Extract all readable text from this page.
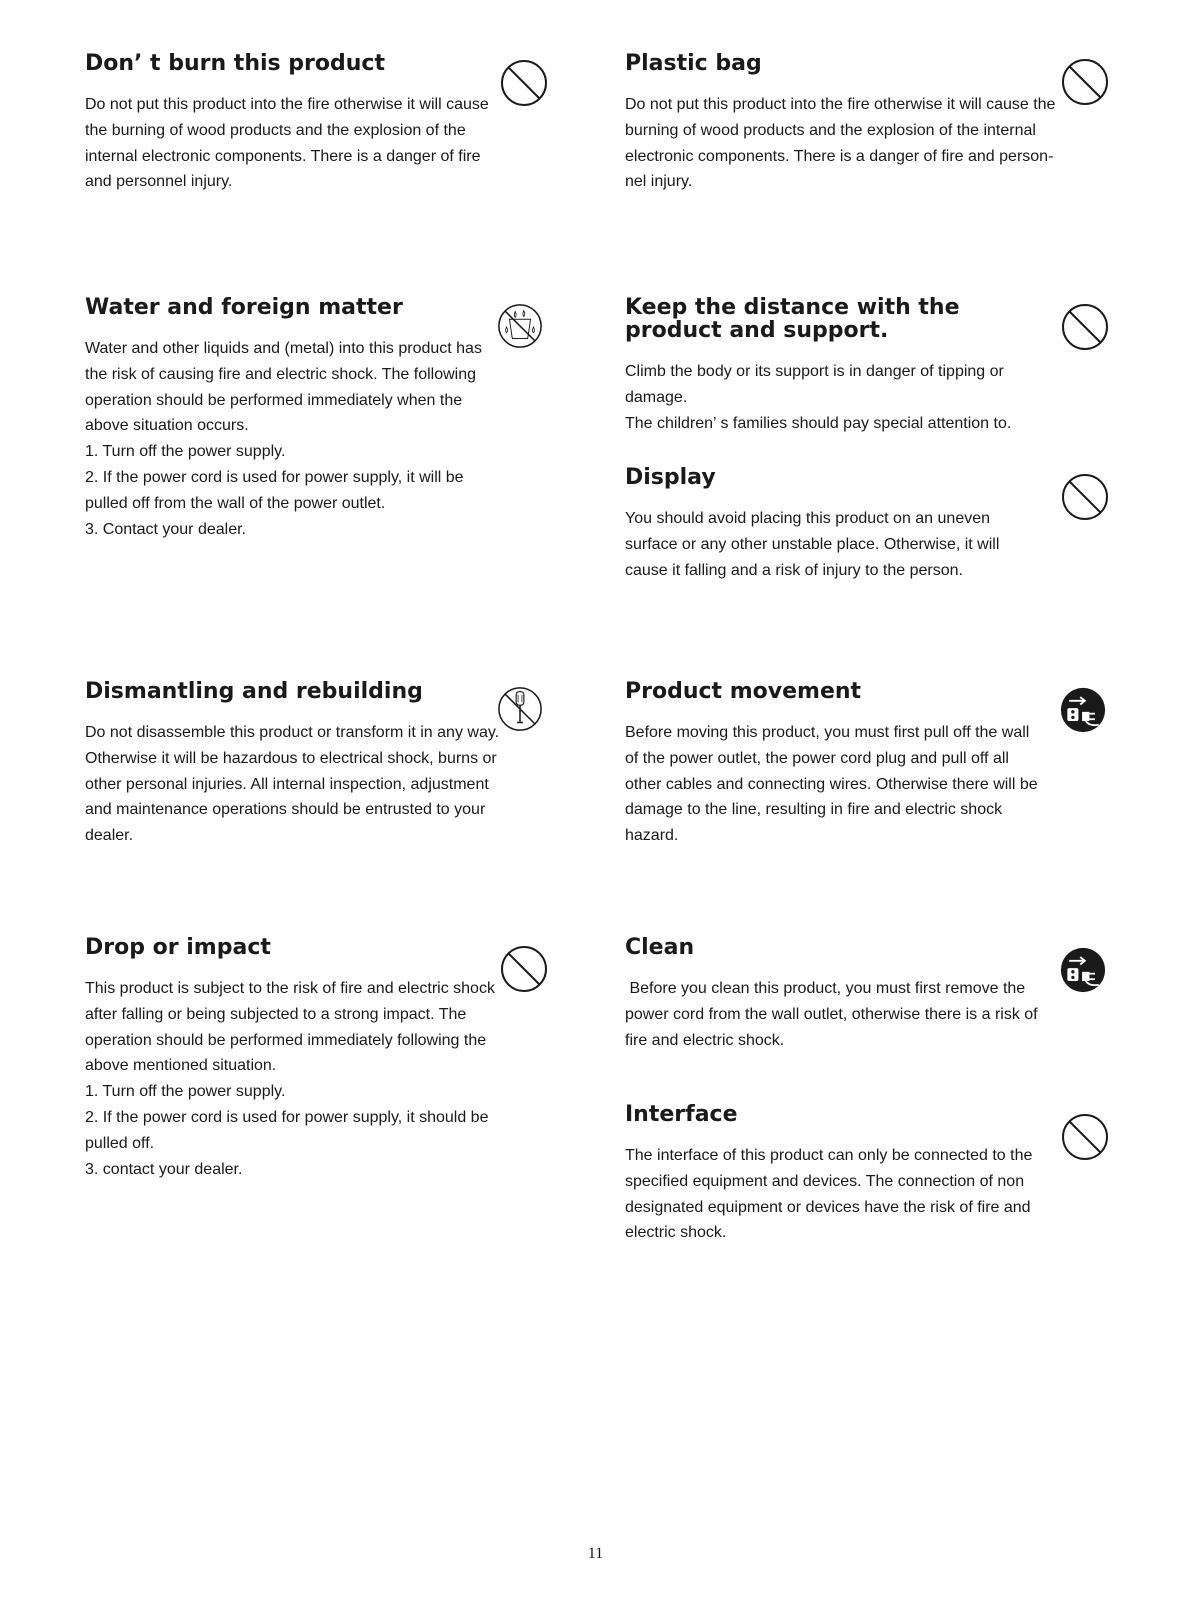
Don’ t burn this product
Do not put this product into the fire otherwise it will cause
the burning of wood products and the explosion of the
internal electronic components. There is a danger of fire
and personnel injury.
Plastic bag
Do not put this product into the fire otherwise it will cause the
burning of wood products and the explosion of the internal
electronic components. There is a danger of fire and person-
nel injury.
Water and foreign matter
Water and other liquids and (metal) into this product has
the risk of causing fire and electric shock. The following
operation should be performed immediately when the
above situation occurs.
1. Turn off the power supply.
2. If the power cord is used for power supply, it will be
pulled off from the wall of the power outlet.
3. Contact your dealer.
Keep the distance with the
product and support.
Climb the body or its support is in danger of tipping or
damage.
The children’ s families should pay special attention to.
Display
You should avoid placing this product on an uneven
surface or any other unstable place. Otherwise, it will
cause it falling and a risk of injury to the person.
Dismantling and rebuilding
Do not disassemble this product or transform it in any way.
Otherwise it will be hazardous to electrical shock, burns or
other personal injuries. All internal inspection, adjustment
and maintenance operations should be entrusted to your
dealer.
Product movement
Before moving this product, you must first pull off the wall
of the power outlet, the power cord plug and pull off all
other cables and connecting wires. Otherwise there will be
damage to the line, resulting in fire and electric shock
hazard.
Drop or impact
This product is subject to the risk of fire and electric shock
after falling or being subjected to a strong impact. The
operation should be performed immediately following the
above mentioned situation.
1. Turn off the power supply.
2. If the power cord is used for power supply, it should be
pulled off.
3. contact your dealer.
Clean
Before you clean this product, you must first remove the
power cord from the wall outlet, otherwise there is a risk of
fire and electric shock.
Interface
The interface of this product can only be connected to the
specified equipment and devices. The connection of non
designated equipment or devices have the risk of fire and
electric shock.
11
